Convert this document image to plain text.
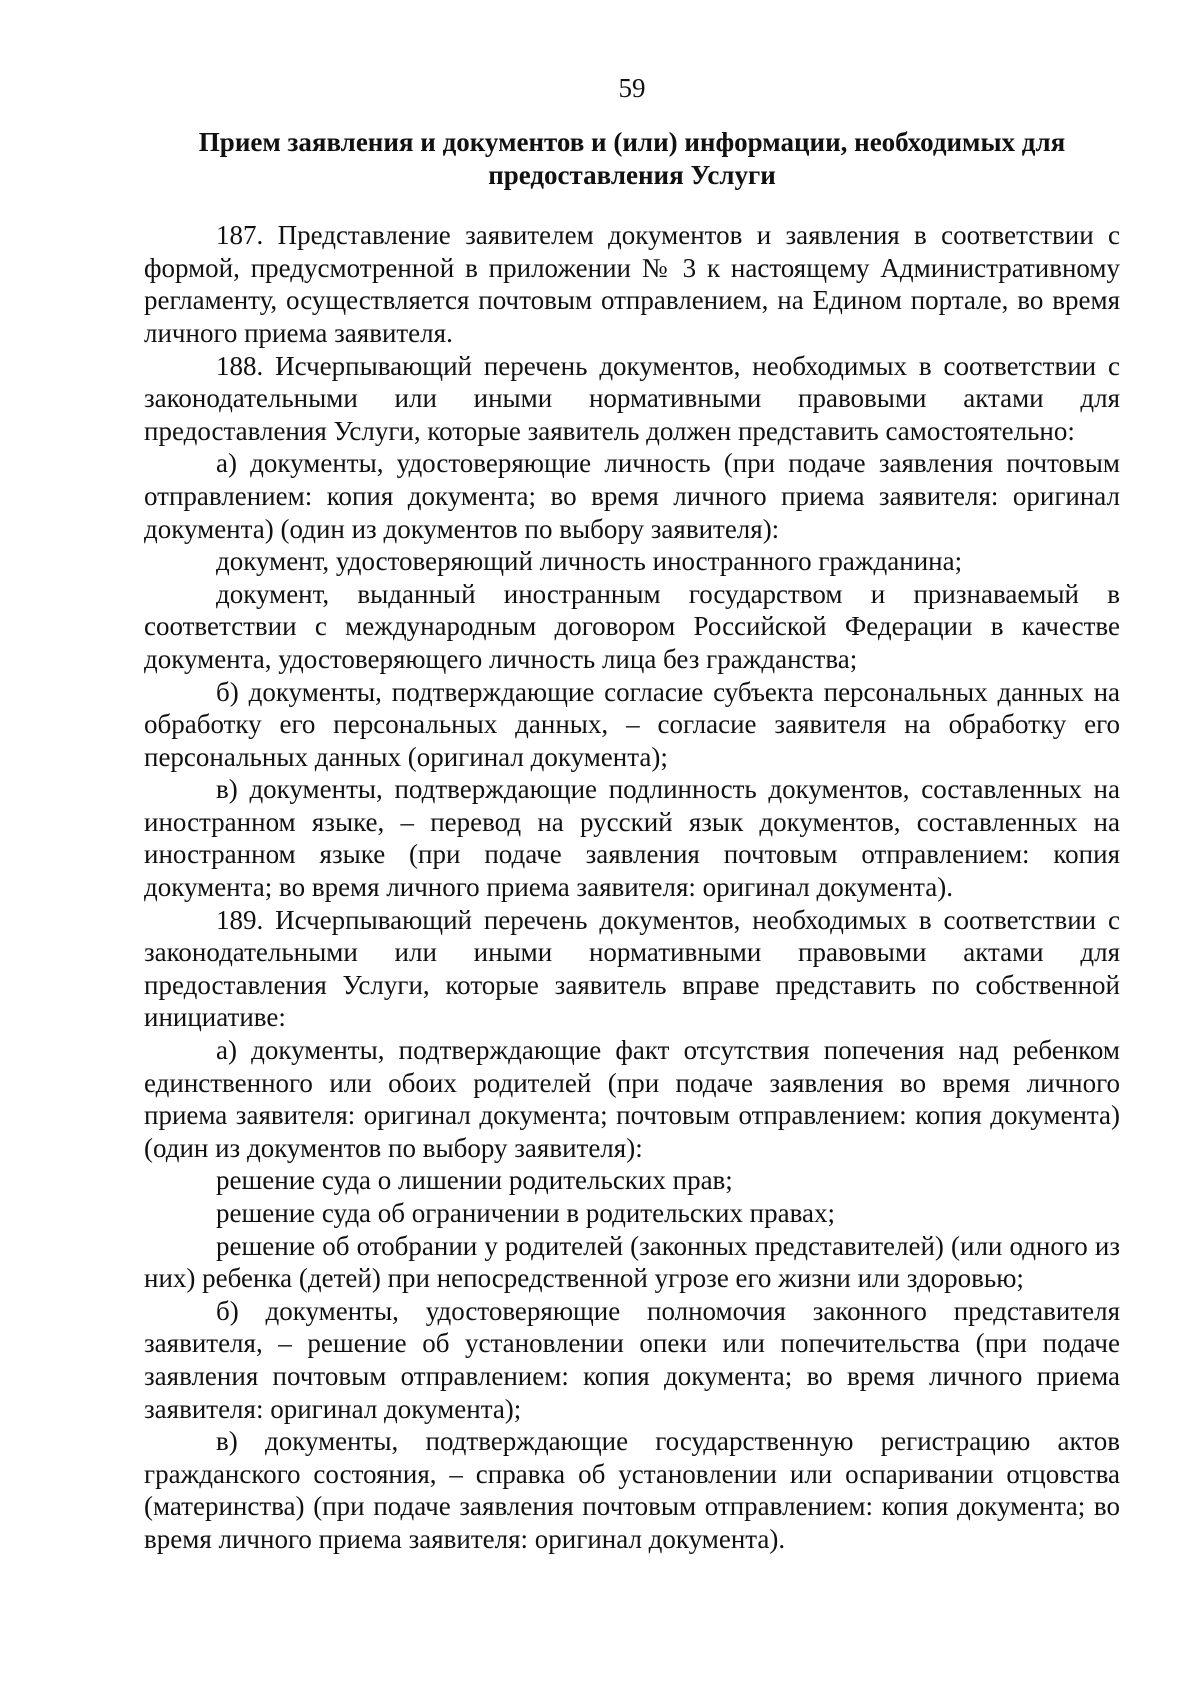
59
Прием заявления и документов и (или) информации, необходимых для предоставления Услуги

187. Представление заявителем документов и заявления в соответствии с формой, предусмотренной в приложении № 3 к настоящему Административному регламенту, осуществляется почтовым отправлением, на Едином портале, во время личного приема заявителя.

188. Исчерпывающий перечень документов, необходимых в соответствии с законодательными или иными нормативными правовыми актами для предоставления Услуги, которые заявитель должен представить самостоятельно:

а) документы, удостоверяющие личность (при подаче заявления почтовым отправлением: копия документа; во время личного приема заявителя: оригинал документа) (один из документов по выбору заявителя):

документ, удостоверяющий личность иностранного гражданина;

документ, выданный иностранным государством и признаваемый в соответствии с международным договором Российской Федерации в качестве документа, удостоверяющего личность лица без гражданства;

б) документы, подтверждающие согласие субъекта персональных данных на обработку его персональных данных, – согласие заявителя на обработку его персональных данных (оригинал документа);

в) документы, подтверждающие подлинность документов, составленных на иностранном языке, – перевод на русский язык документов, составленных на иностранном языке (при подаче заявления почтовым отправлением: копия документа; во время личного приема заявителя: оригинал документа).

189. Исчерпывающий перечень документов, необходимых в соответствии с законодательными или иными нормативными правовыми актами для предоставления Услуги, которые заявитель вправе представить по собственной инициативе:

а) документы, подтверждающие факт отсутствия попечения над ребенком единственного или обоих родителей (при подаче заявления во время личного приема заявителя: оригинал документа; почтовым отправлением: копия документа) (один из документов по выбору заявителя):

решение суда о лишении родительских прав;

решение суда об ограничении в родительских правах;

решение об отобрании у родителей (законных представителей) (или одного из них) ребенка (детей) при непосредственной угрозе его жизни или здоровью;

б) документы, удостоверяющие полномочия законного представителя заявителя, – решение об установлении опеки или попечительства (при подаче заявления почтовым отправлением: копия документа; во время личного приема заявителя: оригинал документа);

в) документы, подтверждающие государственную регистрацию актов гражданского состояния, – справка об установлении или оспаривании отцовства (материнства) (при подаче заявления почтовым отправлением: копия документа; во время личного приема заявителя: оригинал документа).
